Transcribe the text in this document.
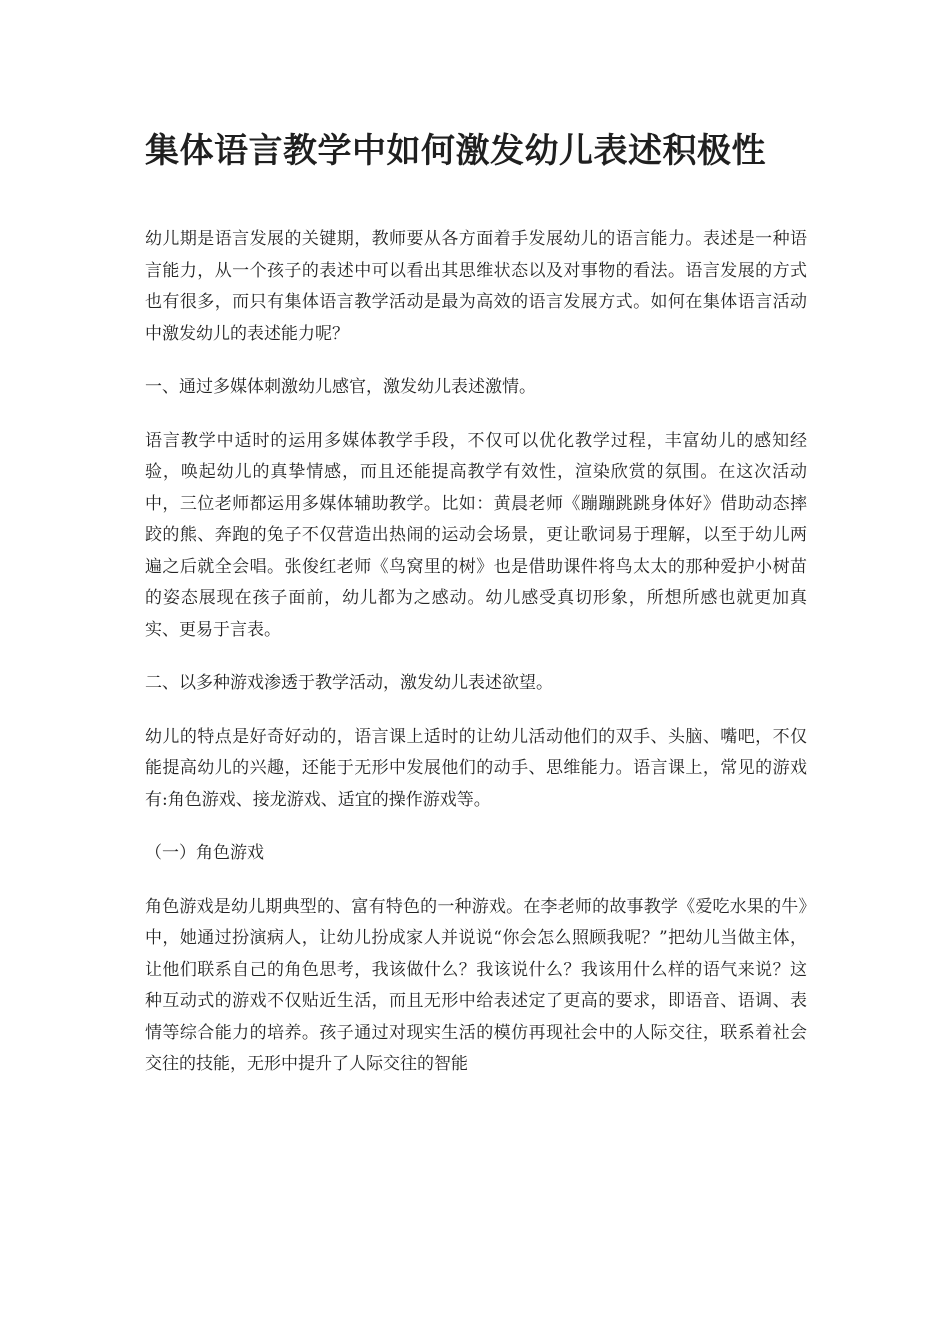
集体语言教学中如何激发幼儿表述积极性

幼儿期是语言发展的关键期，教师要从各方面着手发展幼儿的语言能力。表述是一种语言能力，从一个孩子的表述中可以看出其思维状态以及对事物的看法。语言发展的方式也有很多，而只有集体语言教学活动是最为高效的语言发展方式。如何在集体语言活动中激发幼儿的表述能力呢？

一、通过多媒体刺激幼儿感官，激发幼儿表述激情。

语言教学中适时的运用多媒体教学手段，不仅可以优化教学过程，丰富幼儿的感知经验，唤起幼儿的真挚情感，而且还能提高教学有效性，渲染欣赏的氛围。在这次活动中，三位老师都运用多媒体辅助教学。比如：黄晨老师《蹦蹦跳跳身体好》借助动态摔跤的熊、奔跑的兔子不仅营造出热闹的运动会场景，更让歌词易于理解，以至于幼儿两遍之后就全会唱。张俊红老师《鸟窝里的树》也是借助课件将鸟太太的那种爱护小树苗的姿态展现在孩子面前，幼儿都为之感动。幼儿感受真切形象，所想所感也就更加真实、更易于言表。

二、以多种游戏渗透于教学活动，激发幼儿表述欲望。

幼儿的特点是好奇好动的，语言课上适时的让幼儿活动他们的双手、头脑、嘴吧，不仅能提高幼儿的兴趣，还能于无形中发展他们的动手、思维能力。语言课上，常见的游戏有:角色游戏、接龙游戏、适宜的操作游戏等。

（一）角色游戏

角色游戏是幼儿期典型的、富有特色的一种游戏。在李老师的故事教学《爱吃水果的牛》中，她通过扮演病人，让幼儿扮成家人并说说“你会怎么照顾我呢？”把幼儿当做主体，让他们联系自己的角色思考，我该做什么？我该说什么？我该用什么样的语气来说？这种互动式的游戏不仅贴近生活，而且无形中给表述定了更高的要求，即语音、语调、表情等综合能力的培养。孩子通过对现实生活的模仿再现社会中的人际交往，联系着社会交往的技能，无形中提升了人际交往的智能
